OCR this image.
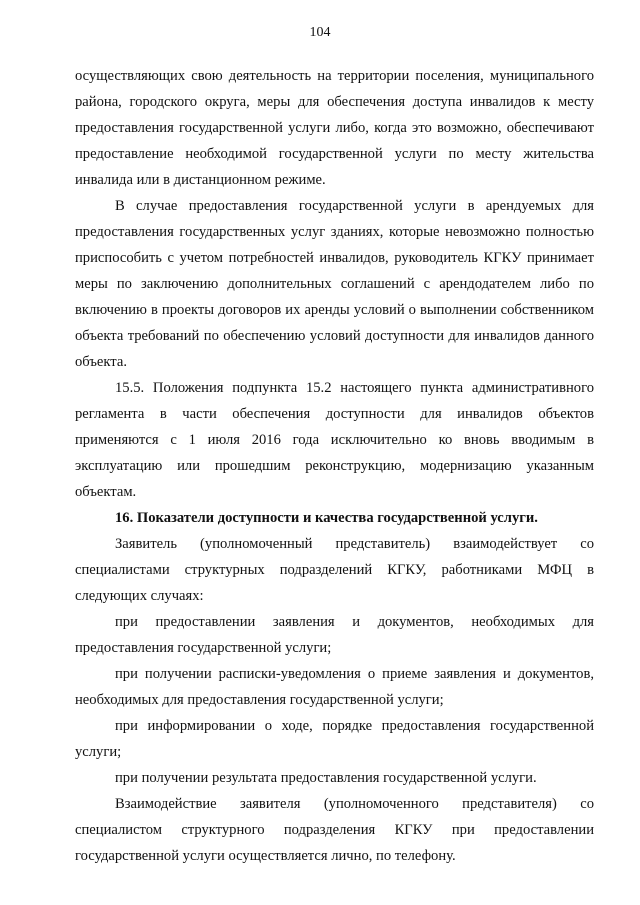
104

осуществляющих свою деятельность на территории поселения, муниципального района, городского округа, меры для обеспечения доступа инвалидов к месту предоставления государственной услуги либо, когда это возможно, обеспечивают предоставление необходимой государственной услуги по месту жительства инвалида или в дистанционном режиме.

В случае предоставления государственной услуги в арендуемых для предоставления государственных услуг зданиях, которые невозможно полностью приспособить с учетом потребностей инвалидов, руководитель КГКУ принимает меры по заключению дополнительных соглашений с арендодателем либо по включению в проекты договоров их аренды условий о выполнении собственником объекта требований по обеспечению условий доступности для инвалидов данного объекта.

15.5. Положения подпункта 15.2 настоящего пункта административного регламента в части обеспечения доступности для инвалидов объектов применяются с 1 июля 2016 года исключительно ко вновь вводимым в эксплуатацию или прошедшим реконструкцию, модернизацию указанным объектам.

16. Показатели доступности и качества государственной услуги.

Заявитель (уполномоченный представитель) взаимодействует со специалистами структурных подразделений КГКУ, работниками МФЦ в следующих случаях:

при предоставлении заявления и документов, необходимых для предоставления государственной услуги;

при получении расписки-уведомления о приеме заявления и документов, необходимых для предоставления государственной услуги;

при информировании о ходе, порядке предоставления государственной услуги;

при получении результата предоставления государственной услуги.

Взаимодействие заявителя (уполномоченного представителя) со специалистом структурного подразделения КГКУ при предоставлении государственной услуги осуществляется лично, по телефону.
